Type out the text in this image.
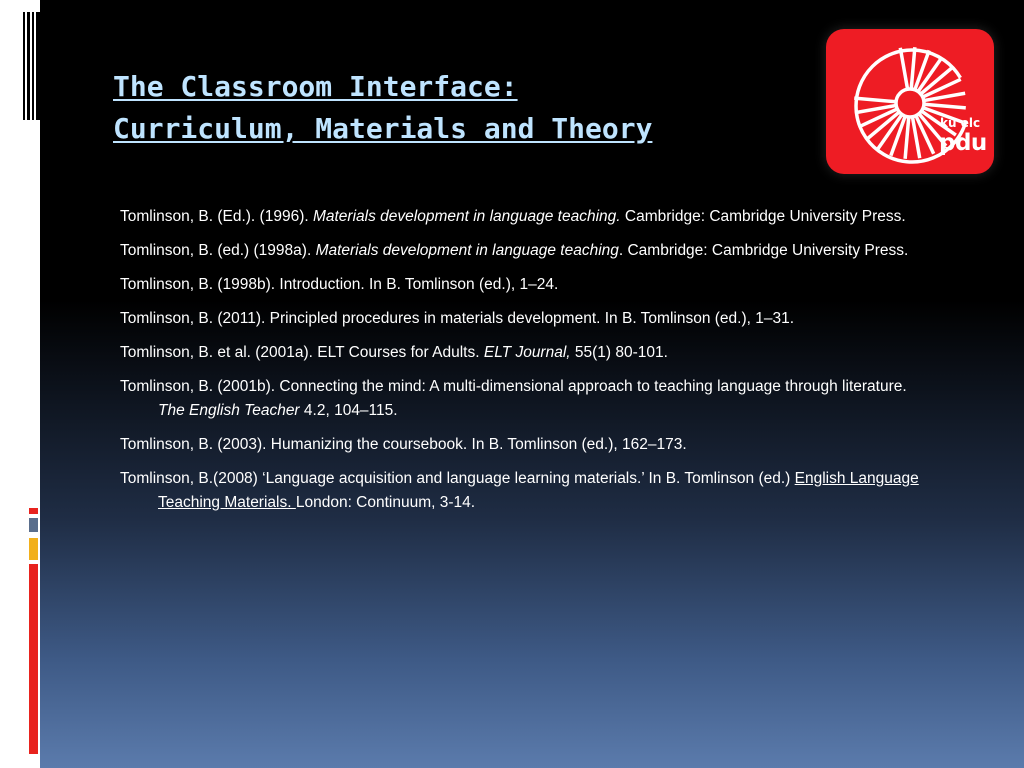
The Classroom Interface:
Curriculum, Materials and Theory	ku elc
pdu

Tomlinson, B. (Ed.). (1996). Materials development in language teaching. Cambridge: Cambridge University Press.

Tomlinson, B. (ed.) (1998a). Materials development in language teaching. Cambridge: Cambridge University Press.

Tomlinson, B. (1998b). Introduction. In B. Tomlinson (ed.), 1–24.

Tomlinson, B. (2011). Principled procedures in materials development. In B. Tomlinson (ed.), 1–31.

Tomlinson, B. et al. (2001a). ELT Courses for Adults. ELT Journal, 55(1) 80-101.

Tomlinson, B. (2001b). Connecting the mind: A multi-dimensional approach to teaching language through literature. The English Teacher 4.2, 104–115.

Tomlinson, B. (2003). Humanizing the coursebook. In B. Tomlinson (ed.), 162–173.

Tomlinson, B.(2008) ‘Language acquisition and language learning materials.’ In B. Tomlinson (ed.) English Language Teaching Materials. London: Continuum, 3-14.
